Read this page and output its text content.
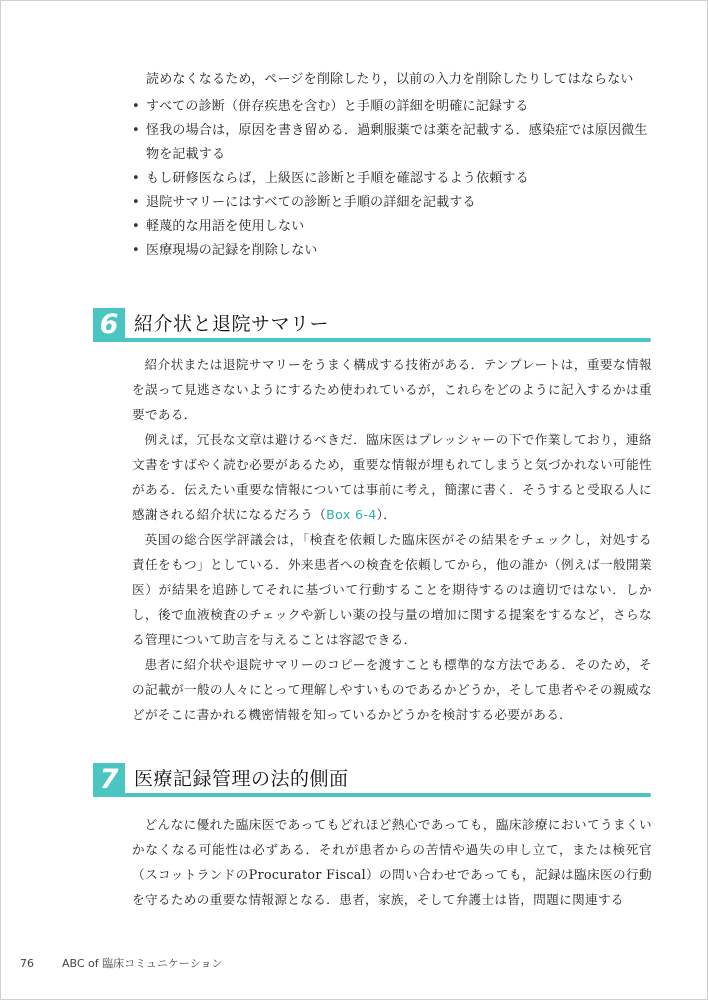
読めなくなるため，ページを削除したり，以前の入力を削除したりしてはならない
• すべての診断（併存疾患を含む）と手順の詳細を明確に記録する
• 怪我の場合は，原因を書き留める．過剰服薬では薬を記載する．感染症では原因微生物を記載する
• もし研修医ならば，上級医に診断と手順を確認するよう依頼する
• 退院サマリーにはすべての診断と手順の詳細を記載する
• 軽蔑的な用語を使用しない
• 医療現場の記録を削除しない
6 紹介状と退院サマリー

紹介状または退院サマリーをうまく構成する技術がある．テンプレートは，重要な情報を誤って見逃さないようにするため使われているが，これらをどのように記入するかは重要である．

例えば，冗長な文章は避けるべきだ．臨床医はプレッシャーの下で作業しており，連絡文書をすばやく読む必要があるため，重要な情報が埋もれてしまうと気づかれない可能性がある．伝えたい重要な情報については事前に考え，簡潔に書く．そうすると受取る人に感謝される紹介状になるだろう（Box 6-4）．

英国の総合医学評議会は，「検査を依頼した臨床医がその結果をチェックし，対処する責任をもつ」としている．外来患者への検査を依頼してから，他の誰か（例えば一般開業医）が結果を追跡してそれに基づいて行動することを期待するのは適切ではない．しかし，後で血液検査のチェックや新しい薬の投与量の増加に関する提案をするなど，さらなる管理について助言を与えることは容認できる．

患者に紹介状や退院サマリーのコピーを渡すことも標準的な方法である．そのため，その記載が一般の人々にとって理解しやすいものであるかどうか，そして患者やその親威などがそこに書かれる機密情報を知っているかどうかを検討する必要がある．

7 医療記録管理の法的側面

どんなに優れた臨床医であってもどれほど熱心であっても，臨床診療においてうまくいかなくなる可能性は必ずある．それが患者からの苦情や過失の申し立て，または検死官（スコットランドのProcurator Fiscal）の問い合わせであっても，記録は臨床医の行動を守るための重要な情報源となる．患者，家族，そして弁護士は皆，問題に関連する

76	ABC of 臨床コミュニケーション
